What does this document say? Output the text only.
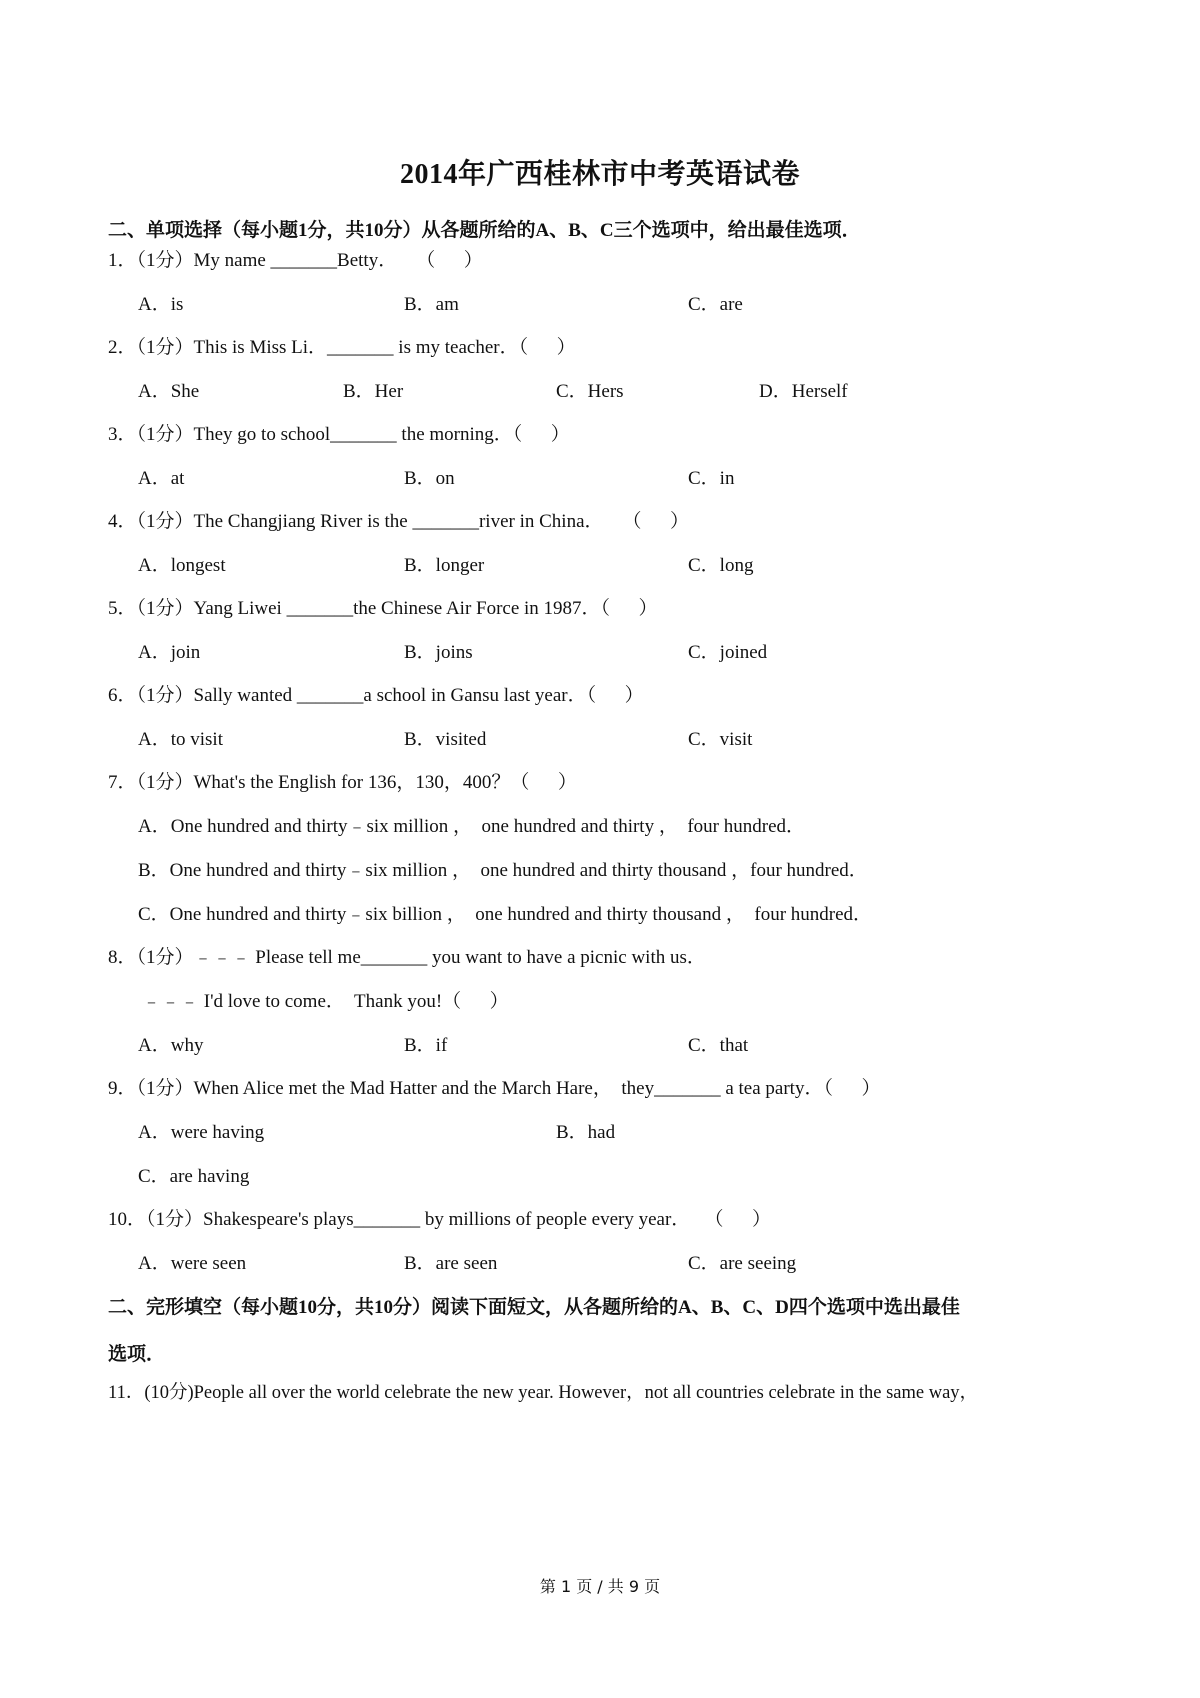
2014年广西桂林市中考英语试卷
二、单项选择（每小题1分，共10分）从各题所给的A、B、C三个选项中，给出最佳选项．
1．（1分）My name _______Betty．    （      ）
A．is	B．am	C．are
2．（1分）This is Miss Li．_______ is my teacher．（      ）
A．She	B．Her	C．Hers	D．Herself
3．（1分）They go to school_______ the morning．（      ）
A．at	B．on	C．in
4．（1分）The Changjiang River is the _______river in China．    （      ）
A．longest	B．longer	C．long
5．（1分）Yang Liwei _______the Chinese Air Force in 1987．（      ）
A．join	B．joins	C．joined
6．（1分）Sally wanted _______a school in Gansu last year．（      ）
A．to visit	B．visited	C．visit
7．（1分）What's the English for 136，130，400？（      ）
A．One hundred and thirty﹣six million ，  one hundred and thirty ，  four hundred．
B．One hundred and thirty﹣six million ，  one hundred and thirty thousand ，four hundred．
C．One hundred and thirty﹣six billion ，  one hundred and thirty thousand ，  four hundred．
8．（1分）﹣﹣﹣ Please tell me_______ you want to have a picnic with us．
﹣﹣﹣ I'd love to come．  Thank you!（      ）
A．why	B．if	C．that
9．（1分）When Alice met the Mad Hatter and the March Hare，  they_______ a tea party．（      ）
A．were having	B．had
C．are having
10．（1分）Shakespeare's plays_______ by millions of people every year．   （      ）
A．were seen	B．are seen	C．are seeing
二、完形填空（每小题10分，共10分）阅读下面短文，从各题所给的A、B、C、D四个选项中选出最佳
选项．
11．(10分)People all over the world celebrate the new year. However，not all countries celebrate in the same way，
第 1 页 / 共 9 页
